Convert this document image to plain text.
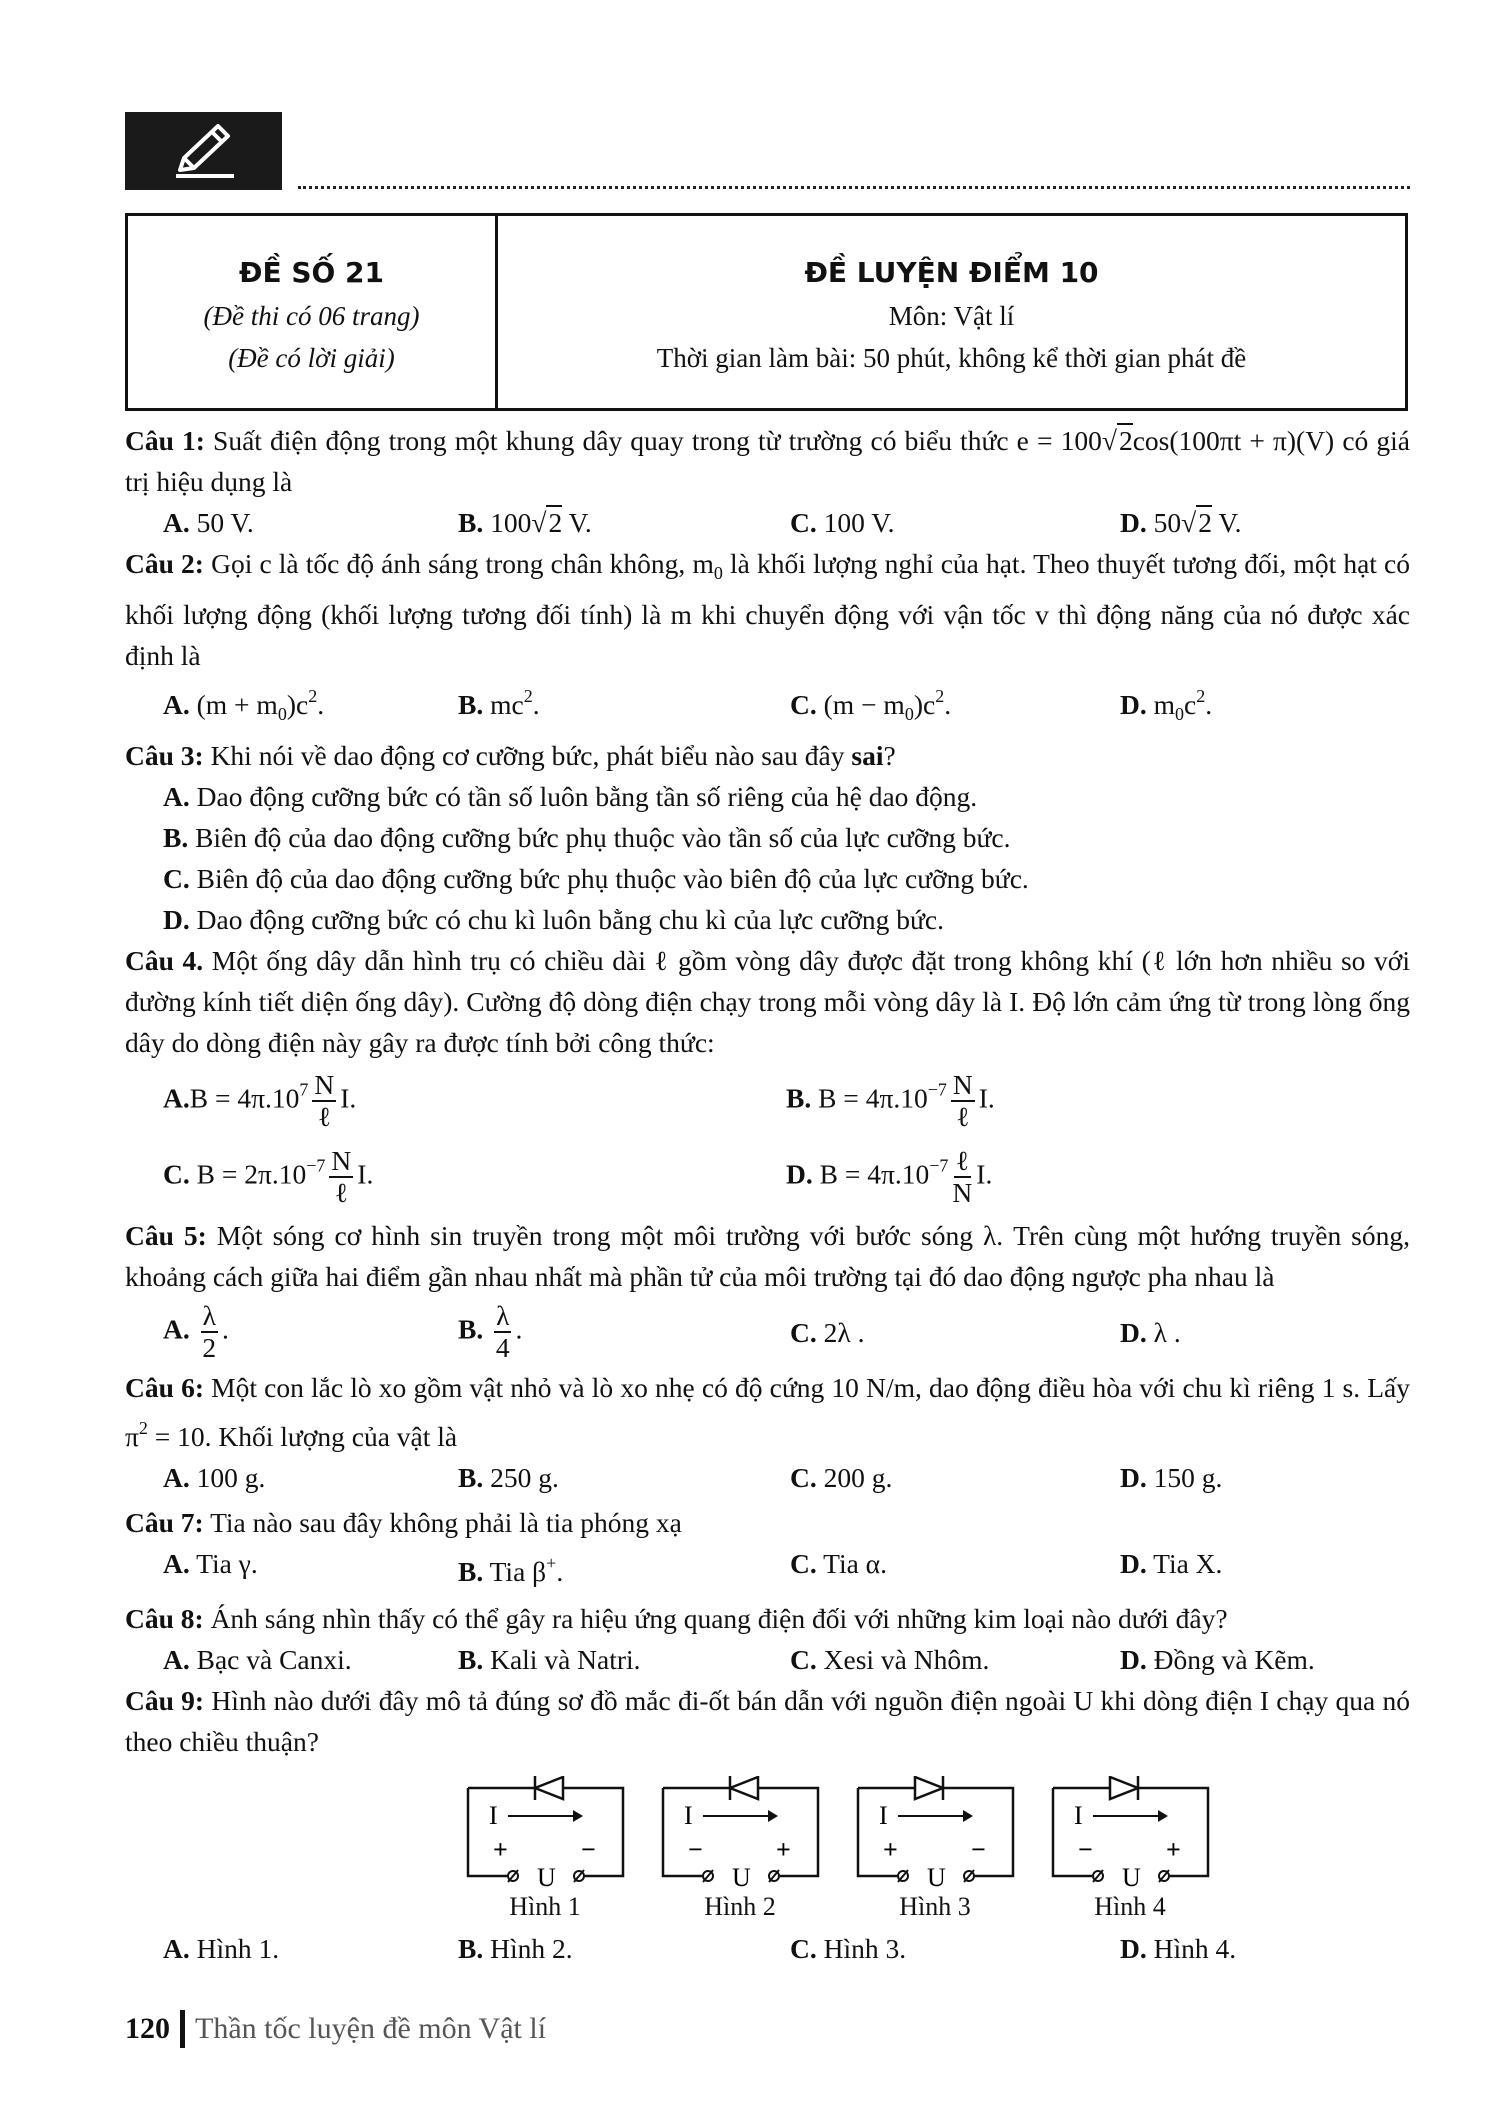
ĐỀ SỐ 21
(Đề thi có 06 trang)
(Đề có lời giải)
ĐỀ LUYỆN ĐIỂM 10
Môn: Vật lí
Thời gian làm bài: 50 phút, không kể thời gian phát đề
Câu 1: Suất điện động trong một khung dây quay trong từ trường có biểu thức e = 100√2cos(100πt + π)(V) có giá trị hiệu dụng là
A. 50 V.	B. 100√2 V.	C. 100 V.	D. 50√2 V.
Câu 2: Gọi c là tốc độ ánh sáng trong chân không, $m_0$ là khối lượng nghỉ của hạt. Theo thuyết tương đối, một hạt có khối lượng động (khối lượng tương đối tính) là m khi chuyển động với vận tốc v thì động năng của nó được xác định là
A. $(m + m_0)c^2$.	B. $mc^2$.	C. $(m - m_0)c^2$.	D. $m_0c^2$.
Câu 3: Khi nói về dao động cơ cưỡng bức, phát biểu nào sau đây sai?
A. Dao động cưỡng bức có tần số luôn bằng tần số riêng của hệ dao động.
B. Biên độ của dao động cưỡng bức phụ thuộc vào tần số của lực cưỡng bức.
C. Biên độ của dao động cưỡng bức phụ thuộc vào biên độ của lực cưỡng bức.
D. Dao động cưỡng bức có chu kì luôn bằng chu kì của lực cưỡng bức.
Câu 4. Một ống dây dẫn hình trụ có chiều dài ℓ gồm vòng dây được đặt trong không khí (ℓ lớn hơn nhiều so với đường kính tiết diện ống dây). Cường độ dòng điện chạy trong mỗi vòng dây là I. Độ lớn cảm ứng từ trong lòng ống dây do dòng điện này gây ra được tính bởi công thức:
$A.B = 4\pi.10^7 \frac{N}{\text{ℓ}} I$.	B. $B = 4\pi.10^{-7} \frac{N}{\text{ℓ}} I$.
C. $B = 2\pi.10^{-7} \frac{N}{\text{ℓ}} I$.	D. $B = 4\pi.10^{-7} \frac{\text{ℓ}}{N} I$.
Câu 5: Một sóng cơ hình sin truyền trong một môi trường với bước sóng λ. Trên cùng một hướng truyền sóng, khoảng cách giữa hai điểm gần nhau nhất mà phần tử của môi trường tại đó dao động ngược pha nhau là
A. $\frac{\lambda}{2}$ .	B. $\frac{\lambda}{4}$ .	C. 2λ .	D. λ .
Câu 6: Một con lắc lò xo gồm vật nhỏ và lò xo nhẹ có độ cứng 10 N/m, dao động điều hòa với chu kì riêng 1 s. Lấy $\pi^2 = 10$. Khối lượng của vật là
A. 100 g.	B. 250 g.	C. 200 g.	D. 150 g.
Câu 7: Tia nào sau đây không phải là tia phóng xạ
A. Tia γ.	B. Tia β+.	C. Tia α.	D. Tia X.
Câu 8: Ánh sáng nhìn thấy có thể gây ra hiệu ứng quang điện đối với những kim loại nào dưới đây?
A. Bạc và Canxi.	B. Kali và Natri.	C. Xesi và Nhôm.	D. Đồng và Kẽm.
Câu 9: Hình nào dưới đây mô tả đúng sơ đồ mắc đi-ốt bán dẫn với nguồn điện ngoài U khi dòng điện I chạy qua nó theo chiều thuận?
I
+	−
U
Hình 1
I
−	+
U
Hình 2
I
+	−
U
Hình 3
I
−	+
U
Hình 4
A. Hình 1.	B. Hình 2.	C. Hình 3.	D. Hình 4.
120 Thần tốc luyện đề môn Vật lí
